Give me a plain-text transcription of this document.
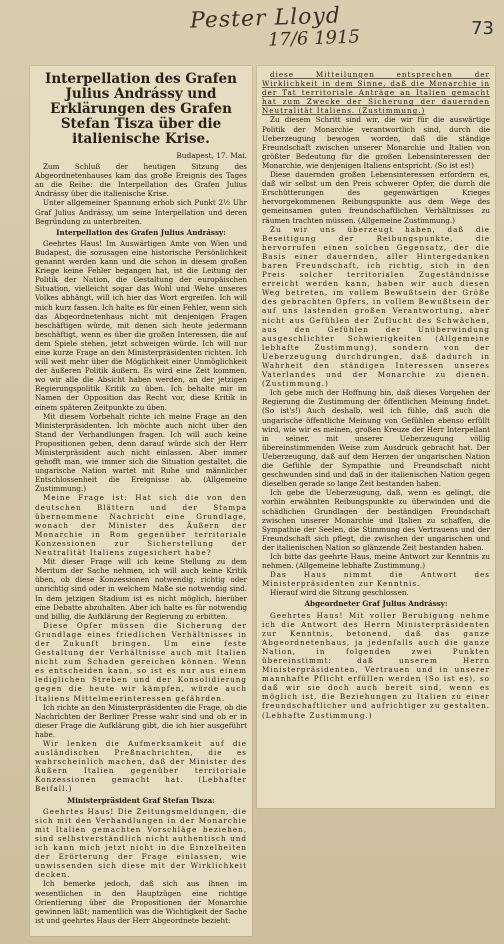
Pester Lloyd
17/6 1915	73
Interpellation des Grafen Julius Andrássy und Erklärungen des Grafen Stefan Tisza über die italienische Krise.
Budapest, 17. Mai.

Zum Schluß der heutigen Sitzung des Abgeordnetenhauses kam das große Ereignis des Tages an die Reihe: die Interpellation des Grafen Julius Andrássy über die italienische Krise.

Unter allgemeiner Spannung erhob sich Punkt 2½ Uhr Graf Julius Andrássy, um seine Interpellation und deren Begründung zu unterbreiten.

Interpellation des Grafen Julius Andrássy:

Geehrtes Haus! Im Auswärtigen Amte von Wien und Budapest, die sozusagen eine historische Persönlichkeit genannt werden kann und die schon in diesem großen Kriege keine Fehler begangen hat, ist die Leitung der Politik der Nation, die Gestaltung der europäischen Situation, vielleicht sogar das Wohl und Wehe unseres Volkes abhängt, will ich hier das Wort ergreifen. Ich will mich kurz fassen. Ich halte es für einen Fehler, wenn sich das Abgeordnetenhaus nicht mit denjenigen Fragen beschäftigen würde, mit denen sich heute jedermann beschäftigt, wenn es über die großen Interessen, die auf dem Spiele stehen, jetzt schweigen würde. Ich will nur eine kurze Frage an den Ministerpräsidenten richten. Ich will weit mehr über die Möglichkeit einer Unmöglichkeit der äußeren Politik äußern. Es wird eine Zeit kommen, wo wir alle die Absicht haben werden, an der jetzigen Regierungspolitik Kritik zu üben. Ich behalte mir im Namen der Opposition das Recht vor, diese Kritik in einem späteren Zeitpunkte zu üben.

Mit diesem Vorbehalt richte ich meine Frage an den Ministerpräsidenten. Ich möchte auch nicht über den Stand der Verhandlungen fragen. Ich will auch keine Propositionen geben, denn darauf würde sich der Herr Ministerpräsident auch nicht einlassen. Aber immer gehofft man, wie immer sich die Situation gestaltet, die ungarische Nation wartet mit Ruhe und männlicher Entschlossenheit die Ereignisse ab. (Allgemeine Zustimmung.)

Meine Frage ist: Hat sich die von den deutschen Blättern und der Stampa übernommene Nachricht eine Grundlage, wonach der Minister des Äußern der Monarchie in Rom gegenüber territoriale Konzessionen zur Sicherstellung der Neutralität Italiens zugesichert habe?

Mit dieser Frage will ich keine Stellung zu dem Meritum der Sache nehmen, ich will auch keine Kritik üben, ob diese Konzessionen notwendig, richtig oder unrichtig sind oder in welchem Maße sie notwendig sind. In dem jetzigen Stadium ist es nicht möglich, hierüber eine Debatte abzuhalten. Aber ich halte es für notwendig und billig, die Aufklärung der Regierung zu erbitten.

Diese Opfer müssen die Sicherung der Grundlage eines friedlichen Verhältnisses in der Zukunft bringen. Um eine feste Gestaltung der Verhältnisse auch mit Italien nicht zum Schaden gereichen können. Wenn es entscheiden kann, so ist es nur aus einem lediglichen Streben und der Konsolidierung gegen die heute wir kämpfen, würde auch Italiens Mittelmeerinteressen gefährden.

Ich richte an den Ministerpräsidenten die Frage, ob die Nachrichten der Berliner Presse wahr sind und ob er in dieser Frage die Aufklärung gibt, die ich hier ausgeführt habe.

Wir lenken die Aufmerksamkeit auf die ausländischen Preßnachrichten, die es wahrscheinlich machen, daß der Minister des Äußern Italien gegenüber territoriale Konzessionen gemacht hat. (Lebhafter Beifall.)

Ministerpräsident Graf Stefan Tisza:

Geehrtes Haus! Die Zeitungsmeldungen, die sich mit den Verhandlungen in der Monarchie mit Italien gemachten Vorschläge beziehen, sind selbstverständlich nicht authentisch und ich kann mich jetzt nicht in die Einzelheiten der Erörterung der Frage einlassen, wie unwissenden sich diese mit der Wirklichkeit decken.

Ich bemerke jedoch, daß sich aus ihnen im wesentlichen in den Hauptzügen eine richtige Orientierung über die Propositionen der Monarchie gewinnen läßt; namentlich was die Wichtigkeit der Sache ist und geehrtes Haus der Herr Abgeordnete bezieht:

diese Mitteilungen entsprechen der Wirklichkeit in dem Sinne, daß die Monarchie in der Tat territoriale Anträge an Italien gemacht hat zum Zwecke der Sicherung der dauernden Neutralität Italiens. (Zustimmung.)

Zu diesem Schritt sind wir, die wir für die auswärtige Politik der Monarchie verantwortlich sind, durch die Ueberzeugung bewogen worden, daß die ständige Freundschaft zwischen unserer Monarchie und Italien von größter Bedeutung für die großen Lebensinteressen der Monarchie, wie denjenigen Italiens entspricht. (So ist es!)

Diese dauernden großen Lebensinteressen erfordern es, daß wir selbst um den Preis schwerer Opfer, die durch die Erschütterungen des gegenwärtigen Krieges hervorgekommenen Reibungspunkte aus dem Wege des gemeinsamen guten freundschaftlichen Verhältnisses zu räumen trachten müssen. (Allgemeine Zustimmung.)

Zu wir uns überzeugt haben, daß die Beseitigung der Reibungspunkte, die hervorrufen einen solchen Gegensatz, der die Basis einer dauernden, aller Hintergedanken baren Freundschaft, ich richtig, sich in den Preis solcher territorialen Zugeständnisse erreicht werden kann, haben wir auch diesen Weg betreten, im vollem Bewußtsein der Größe des gebrachten Opfers, in vollem Bewußtsein der auf uns lastenden großen Verantwortung, aber nicht aus Gefühlen der Zuflucht des Schwächen, aus den Gefühlen der Unüberwindung ausgeschlichter Schwierigkeiten (Allgemeine lebhafte Zustimmung), sondern von der Ueberzeugung durchdrungen, daß dadurch in Wahrheit den ständigen Interessen unseres Vaterlandes und der Monarchie zu dienen. (Zustimmung.)

Ich gebe mich der Hoffnung hin, daß dieses Vorgehen der Regierung die Zustimmung der öffentlichen Meinung findet. (So ist's!) Auch deshalb, weil ich fühle, daß auch die ungarische öffentliche Meinung von Gefühlen ebenso erfüllt wird, wie wir es meinen, großen Kreuze der Herr Interpellant in seiner, mit unserer Ueberzeugung völlig übereinstimmenden Weise zum Ausdruck gebracht hat. Der Ueberzeugung, daß auf dem Herzen der ungarischen Nation die Gefühle der Sympathie und Freundschaft nicht geschwunden sind und daß in der italienischen Nation gegen dieselben gerade so lange Zeit bestanden haben.

Ich gebe die Ueberzeugung, daß, wenn es gelingt, die vorhin erwähnten Reibungspunkte zu überwinden und die schädlichen Grundlagen der beständigen Freundschaft zwischen unserer Monarchie und Italien zu schaffen, die Sympathie der Seelen, die Stimmung des Vertrauens und der Freundschaft sich pflegt, die zwischen der ungarischen und der italienischen Nation so glänzende Zeit bestanden haben.

Ich bitte das geehrte Haus, meine Antwort zur Kenntnis zu nehmen. (Allgemeine lebhafte Zustimmung.)

Das Haus nimmt die Antwort des Ministerpräsidenten zur Kenntnis.

Hierauf wird die Sitzung geschlossen.

Abgeordneter Graf Julius Andrássy:

Geehrtes Haus! Mit voller Beruhigung nehme ich die Antwort des Herrn Ministerpräsidenten zur Kenntnis, betonend, daß das ganze Abgeordnetenhaus, ja jedenfalls auch die ganze Nation, in folgenden zwei Punkten übereinstimmt: daß unserem Herrn Ministerpräsidenten, Vertrauen und in unserer mannhafte Pflicht erfüllen werden (So ist es), so daß wir sie doch auch bereit sind, wenn es möglich ist, die Beziehungen zu Italien zu einer freundschaftlicher und aufrichtiger zu gestalten. (Lebhafte Zustimmung.)
